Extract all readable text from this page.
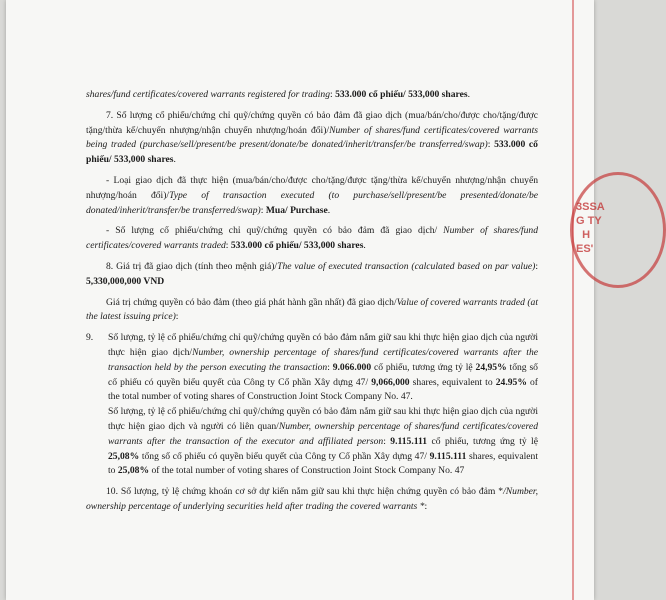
3SSA
G TY
H
ES'

shares/fund certificates/covered warrants registered for trading: 533.000 cổ phiếu/ 533,000 shares.

7. Số lượng cổ phiếu/chứng chỉ quỹ/chứng quyền có bảo đảm đã giao dịch (mua/bán/cho/được cho/tặng/được tặng/thừa kế/chuyển nhượng/nhận chuyển nhượng/hoán đổi)/Number of shares/fund certificates/covered warrants being traded (purchase/sell/present/be present/donate/be donated/inherit/transfer/be transferred/swap): 533.000 cổ phiếu/ 533,000 shares.

- Loại giao dịch đã thực hiện (mua/bán/cho/được cho/tặng/được tặng/thừa kế/chuyển nhượng/nhận chuyển nhượng/hoán đổi)/Type of transaction executed (to purchase/sell/present/be presented/donate/be donated/inherit/transfer/be transferred/swap): Mua/ Purchase.

- Số lượng cổ phiếu/chứng chỉ quỹ/chứng quyền có bảo đảm đã giao dịch/ Number of shares/fund certificates/covered warrants traded: 533.000 cổ phiếu/ 533,000 shares.

8. Giá trị đã giao dịch (tính theo mệnh giá)/The value of executed transaction (calculated based on par value): 5,330,000,000 VND

Giá trị chứng quyền có bảo đảm (theo giá phát hành gần nhất) đã giao dịch/Value of covered warrants traded (at the latest issuing price):

9. Số lượng, tỷ lệ cổ phiếu/chứng chỉ quỹ/chứng quyền có bảo đảm nắm giữ sau khi thực hiện giao dịch của người thực hiện giao dịch/Number, ownership percentage of shares/fund certificates/covered warrants after the transaction held by the person executing the transaction: 9.066.000 cổ phiếu, tương ứng tỷ lệ 24,95% tổng số cổ phiếu có quyền biểu quyết của Công ty Cổ phần Xây dựng 47/ 9,066,000 shares, equivalent to 24.95% of the total number of voting shares of Construction Joint Stock Company No. 47.

Số lượng, tỷ lệ cổ phiếu/chứng chỉ quỹ/chứng quyền có bảo đảm nắm giữ sau khi thực hiện giao dịch của người thực hiện giao dịch và người có liên quan/Number, ownership percentage of shares/fund certificates/covered warrants after the transaction of the executor and affiliated person: 9.115.111 cổ phiếu, tương ứng tỷ lệ 25,08% tổng số cổ phiếu có quyền biểu quyết của Công ty Cổ phần Xây dựng 47/ 9.115.111 shares, equivalent to 25,08% of the total number of voting shares of Construction Joint Stock Company No. 47

10. Số lượng, tỷ lệ chứng khoán cơ sở dự kiến nắm giữ sau khi thực hiện chứng quyền có bảo đảm */Number, ownership percentage of underlying securities held after trading the covered warrants *:
